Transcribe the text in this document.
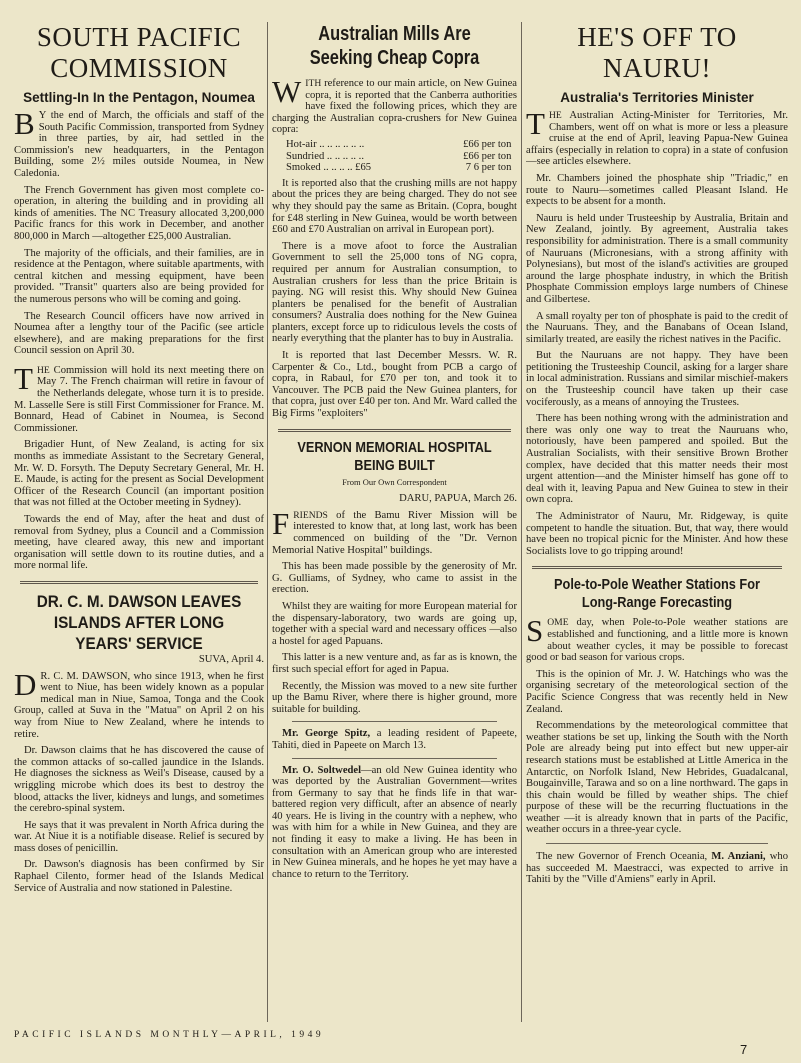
SOUTH PACIFIC COMMISSION
Settling-In In the Pentagon, Noumea

B Y the end of March, the officials and staff of the South Pacific Commission, transported from Sydney in three parties, by air, had settled in the Commission's new headquarters, in the Pentagon Building, some 2½ miles outside Noumea, in New Caledonia.

The French Government has given most complete co-operation, in altering the building and in providing all kinds of amenities. The NC Treasury allocated 3,200,000 Pacific francs for this work in December, and another 800,000 in March —altogether £25,000 Australian.

The majority of the officials, and their families, are in residence at the Pentagon, where suitable apartments, with central kitchen and messing equipment, have been provided. "Transit" quarters also are being provided for the numerous persons who will be coming and going.

The Research Council officers have now arrived in Noumea after a lengthy tour of the Pacific (see article elsewhere), and are making preparations for the first Council session on April 30.

THE Commission will hold its next meeting there on May 7. The French chairman will retire in favour of the Netherlands delegate, whose turn it is to preside. M. Lasselle Sere is still First Commissioner for France. M. Bonnard, Head of Cabinet in Noumea, is Second Commissioner.

Brigadier Hunt, of New Zealand, is acting for six months as immediate Assistant to the Secretary General, Mr. W. D. Forsyth. The Deputy Secretary General, Mr. H. E. Maude, is acting for the present as Social Development Officer of the Research Council (an important position that was not filled at the October meeting in Sydney).

Towards the end of May, after the heat and dust of removal from Sydney, plus a Council and a Commission meeting, have cleared away, this new and important organisation will settle down to its routine duties, and a more normal life.

DR. C. M. DAWSON LEAVES ISLANDS AFTER LONG YEARS' SERVICE

SUVA, April 4.

D R. C. M. DAWSON, who since 1913, when he first went to Niue, has been widely known as a popular medical man in Niue, Samoa, Tonga and the Cook Group, called at Suva in the "Matua" on April 2 on his way from Niue to New Zealand, where he intends to retire.

Dr. Dawson claims that he has discovered the cause of the common attacks of so-called jaundice in the Islands. He diagnoses the sickness as Weil's Disease, caused by a wriggling microbe which does its best to destroy the blood, attacks the liver, kidneys and lungs, and sometimes the cerebro-spinal system.

He says that it was prevalent in North Africa during the war. At Niue it is a notifiable disease. Relief is secured by mass doses of penicillin.

Dr. Dawson's diagnosis has been confirmed by Sir Raphael Cilento, former head of the Islands Medical Service of Australia and now stationed in Palestine.

Australian Mills Are Seeking Cheap Copra

WITH reference to our main article, on New Guinea copra, it is reported that the Canberra authorities have fixed the following prices, which they are charging the Australian copra-crushers for New Guinea copra:

Hot-air .. .. .. .. .. ..	£66 per ton
Sundried .. .. .. .. ..	£66 per ton
Smoked .. .. .. .. £65	7 6 per ton

It is reported also that the crushing mills are not happy about the prices they are being charged. They do not see why they should pay the same as Britain. (Copra, bought for £48 sterling in New Guinea, would be worth between £60 and £70 Australian on arrival in European port).

There is a move afoot to force the Australian Government to sell the 25,000 tons of NG copra, required per annum for Australian consumption, to Australian crushers for less than the price Britain is paying. NG will resist this. Why should New Guinea planters be penalised for the benefit of Australian consumers? Australia does nothing for the New Guinea planters, except force up to ridiculous levels the costs of nearly everything that the planter has to buy in Australia.

It is reported that last December Messrs. W. R. Carpenter & Co., Ltd., bought from PCB a cargo of copra, in Rabaul, for £70 per ton, and took it to Vancouver. The PCB paid the New Guinea planters, for that copra, just over £40 per ton. And Mr. Ward called the Big Firms "exploiters"

VERNON MEMORIAL HOSPITAL BEING BUILT

From Our Own Correspondent

DARU, PAPUA, March 26.

FRIENDS of the Bamu River Mission will be interested to know that, at long last, work has been commenced on building of the "Dr. Vernon Memorial Native Hospital" buildings.

This has been made possible by the generosity of Mr. G. Gulliams, of Sydney, who came to assist in the erection.

Whilst they are waiting for more European material for the dispensary-laboratory, two wards are going up, together with a special ward and necessary offices —also a hostel for aged Papuans.

This latter is a new venture and, as far as is known, the first such special effort for aged in Papua.

Recently, the Mission was moved to a new site further up the Bamu River, where there is higher ground, more suitable for building.

Mr. George Spitz, a leading resident of Papeete, Tahiti, died in Papeete on March 13.

Mr. O. Soltwedel—an old New Guinea identity who was deported by the Australian Government—writes from Germany to say that he finds life in that war-battered region very difficult, after an absence of nearly 40 years. He is living in the country with a nephew, who was with him for a while in New Guinea, and they are not finding it easy to make a living. He has been in consultation with an American group who are interested in New Guinea minerals, and he hopes he yet may have a chance to return to the Territory.

HE'S OFF TO NAURU!
Australia's Territories Minister

THE Australian Acting-Minister for Territories, Mr. Chambers, went off on what is more or less a pleasure cruise at the end of April, leaving Papua-New Guinea affairs (especially in relation to copra) in a state of confusion—see articles elsewhere.

Mr. Chambers joined the phosphate ship "Triadic," en route to Nauru—sometimes called Pleasant Island. He expects to be absent for a month.

Nauru is held under Trusteeship by Australia, Britain and New Zealand, jointly. By agreement, Australia takes responsibility for administration. There is a small community of Nauruans (Micronesians, with a strong affinity with Polynesians), but most of the island's activities are grouped around the large phosphate industry, in which the British Phosphate Commission employs large numbers of Chinese and Gilbertese.

A small royalty per ton of phosphate is paid to the credit of the Nauruans. They, and the Banabans of Ocean Island, similarly treated, are easily the richest natives in the Pacific.

But the Nauruans are not happy. They have been petitioning the Trusteeship Council, asking for a larger share in local administration. Russians and similar mischief-makers on the Trusteeship council have taken up their case vociferously, as a means of annoying the Trustees.

There has been nothing wrong with the administration and there was only one way to treat the Nauruans who, notoriously, have been pampered and spoiled. But the Australian Socialists, with their sensitive Brown Brother complex, have decided that this matter needs their most urgent attention—and the Minister himself has gone off to deal with it, leaving Papua and New Guinea to stew in their own copra.

The Administrator of Nauru, Mr. Ridgeway, is quite competent to handle the situation. But, that way, there would have been no tropical picnic for the Minister. And how these Socialists love to go tripping around!

Pole-to-Pole Weather Stations For Long-Range Forecasting

SOME day, when Pole-to-Pole weather stations are established and functioning, and a little more is known about weather cycles, it may be possible to forecast good or bad season for various crops.

This is the opinion of Mr. J. W. Hatchings who was the organising secretary of the meteorological section of the Pacific Science Congress that was recently held in New Zealand.

Recommendations by the meteorological committee that weather stations be set up, linking the South with the North Pole are already being put into effect but new upper-air research stations must be established at Little America in the Antarctic, on Norfolk Island, New Hebrides, Guadalcanal, Bougainville, Tarawa and so on a line northward. The gaps in this chain would be filled by weather ships. The chief purpose of these will be the recurring fluctuations in the weather —it is already known that in parts of the Pacific, weather occurs in a three-year cycle.

The new Governor of French Oceania, M. Anziani, who has succeeded M. Maestracci, was expected to arrive in Tahiti by the "Ville d'Amiens" early in April.

PACIFIC ISLANDS MONTHLY—APRIL, 1949
7
